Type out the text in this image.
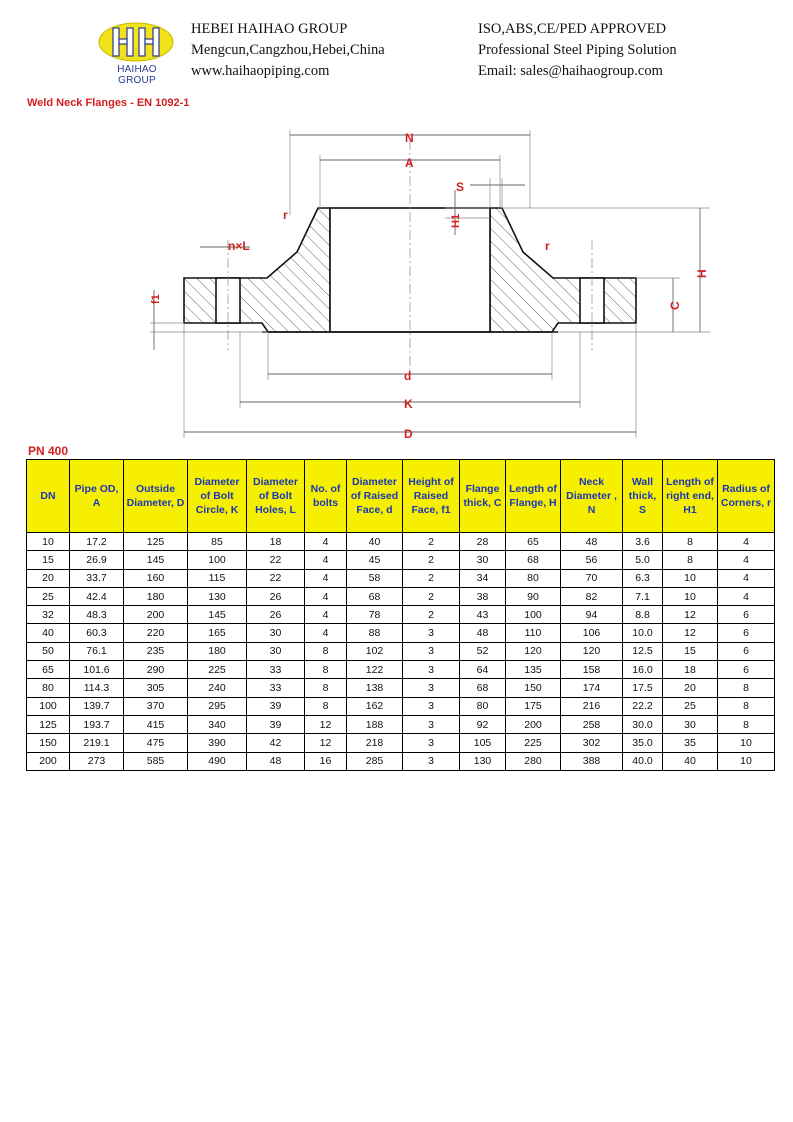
HAIHAO GROUP
HEBEI HAIHAO GROUP
Mengcun,Cangzhou,Hebei,China
www.haihaopiping.com
ISO,ABS,CE/PED APPROVED
Professional Steel Piping Solution
Email: sales@haihaogroup.com
Weld Neck Flanges - EN 1092-1
N
A
S
H1
r
r
n×L
f1
H
C
d
K
D
PN 400
DN	Pipe OD, A	Outside Diameter, D	Diameter of Bolt Circle, K	Diameter of Bolt Holes, L	No. of bolts	Diameter of Raised Face, d	Height of Raised Face, f1	Flange thick, C	Length of Flange, H	Neck Diameter , N	Wall thick, S	Length of right end, H1	Radius of Corners, r
10	17.2	125	85	18	4	40	2	28	65	48	3.6	8	4
15	26.9	145	100	22	4	45	2	30	68	56	5.0	8	4
20	33.7	160	115	22	4	58	2	34	80	70	6.3	10	4
25	42.4	180	130	26	4	68	2	38	90	82	7.1	10	4
32	48.3	200	145	26	4	78	2	43	100	94	8.8	12	6
40	60.3	220	165	30	4	88	3	48	110	106	10.0	12	6
50	76.1	235	180	30	8	102	3	52	120	120	12.5	15	6
65	101.6	290	225	33	8	122	3	64	135	158	16.0	18	6
80	114.3	305	240	33	8	138	3	68	150	174	17.5	20	8
100	139.7	370	295	39	8	162	3	80	175	216	22.2	25	8
125	193.7	415	340	39	12	188	3	92	200	258	30.0	30	8
150	219.1	475	390	42	12	218	3	105	225	302	35.0	35	10
200	273	585	490	48	16	285	3	130	280	388	40.0	40	10
